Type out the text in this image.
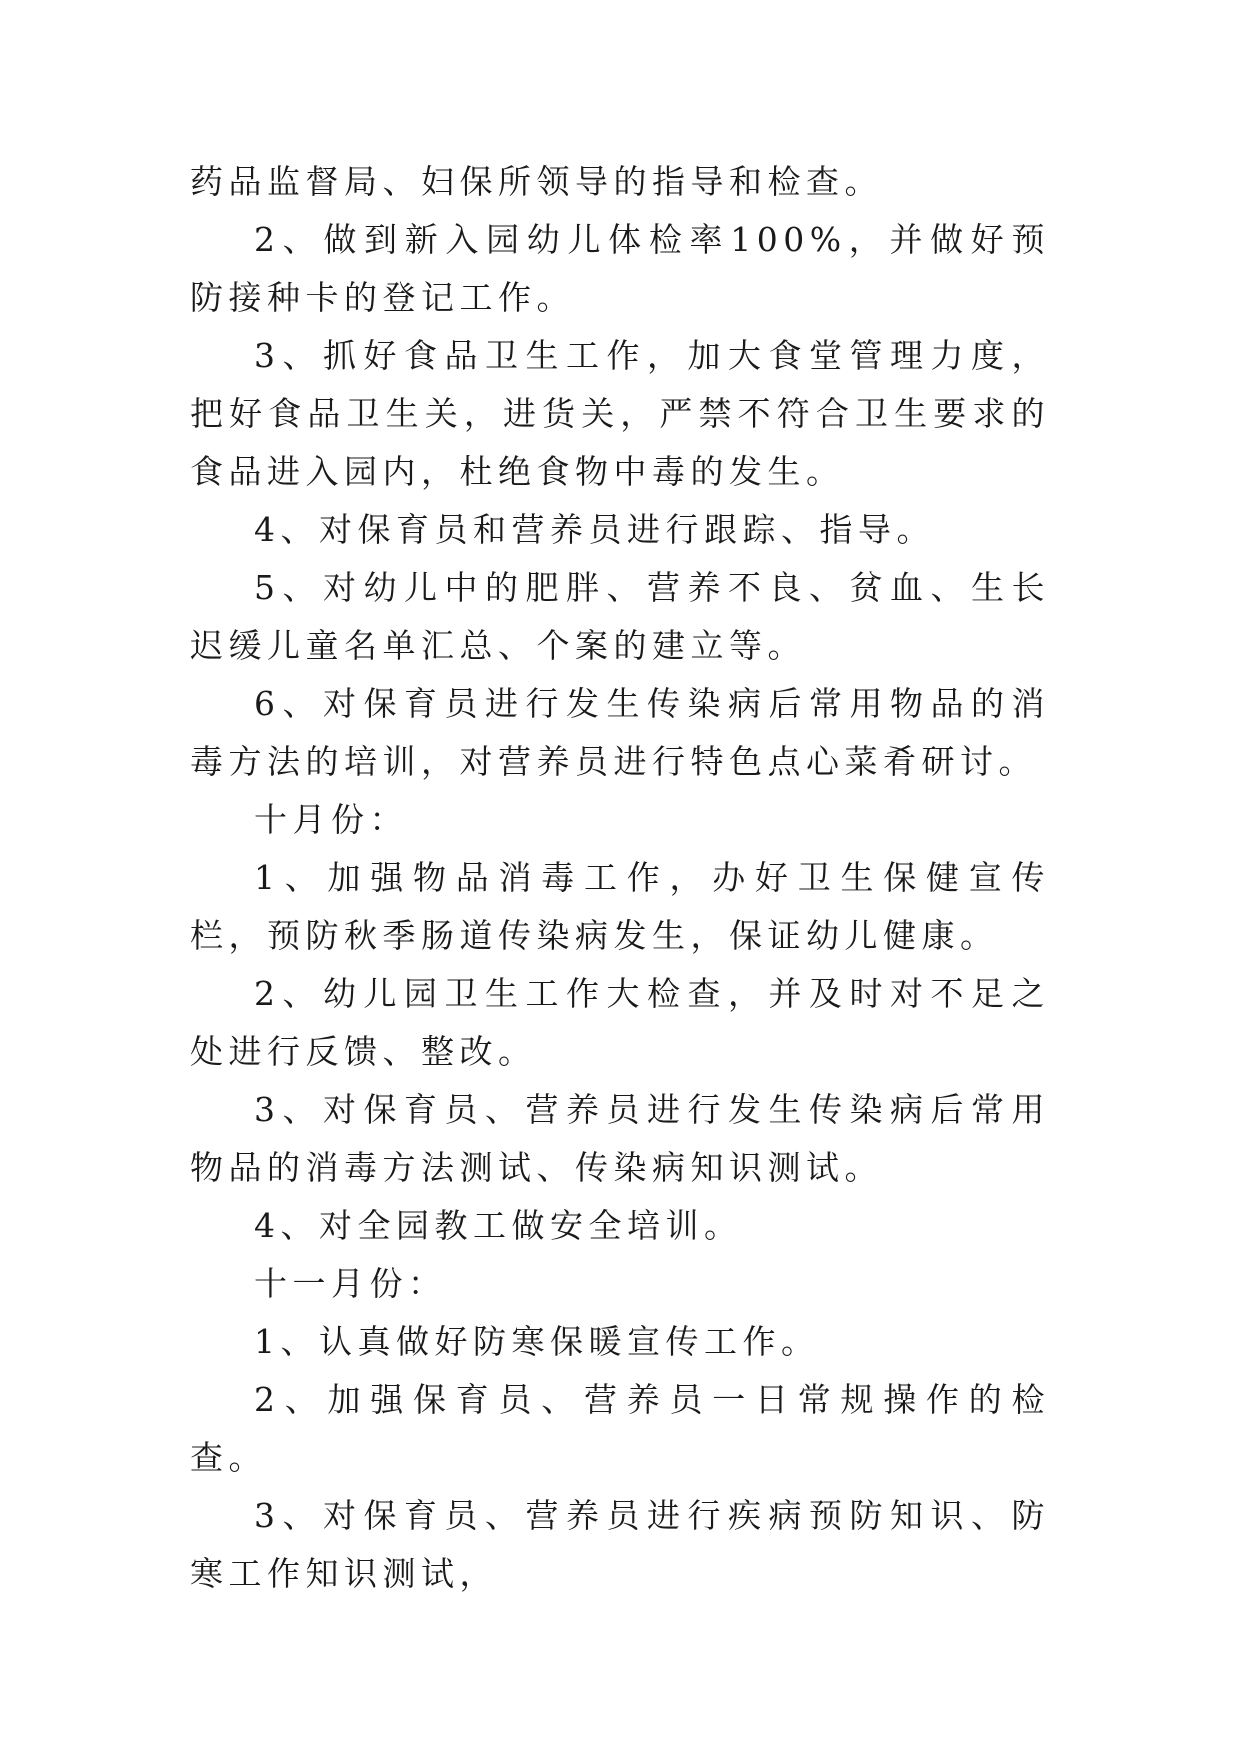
药品监督局、妇保所领导的指导和检查。

2、做到新入园幼儿体检率100%，并做好预防接种卡的登记工作。

3、抓好食品卫生工作，加大食堂管理力度，把好食品卫生关，进货关，严禁不符合卫生要求的食品进入园内，杜绝食物中毒的发生。

4、对保育员和营养员进行跟踪、指导。

5、对幼儿中的肥胖、营养不良、贫血、生长迟缓儿童名单汇总、个案的建立等。

6、对保育员进行发生传染病后常用物品的消毒方法的培训，对营养员进行特色点心菜肴研讨。

十月份：

1、加强物品消毒工作，办好卫生保健宣传栏，预防秋季肠道传染病发生，保证幼儿健康。

2、幼儿园卫生工作大检查，并及时对不足之处进行反馈、整改。

3、对保育员、营养员进行发生传染病后常用物品的消毒方法测试、传染病知识测试。

4、对全园教工做安全培训。

十一月份：

1、认真做好防寒保暖宣传工作。

2、加强保育员、营养员一日常规操作的检查。

3、对保育员、营养员进行疾病预防知识、防寒工作知识测试，
